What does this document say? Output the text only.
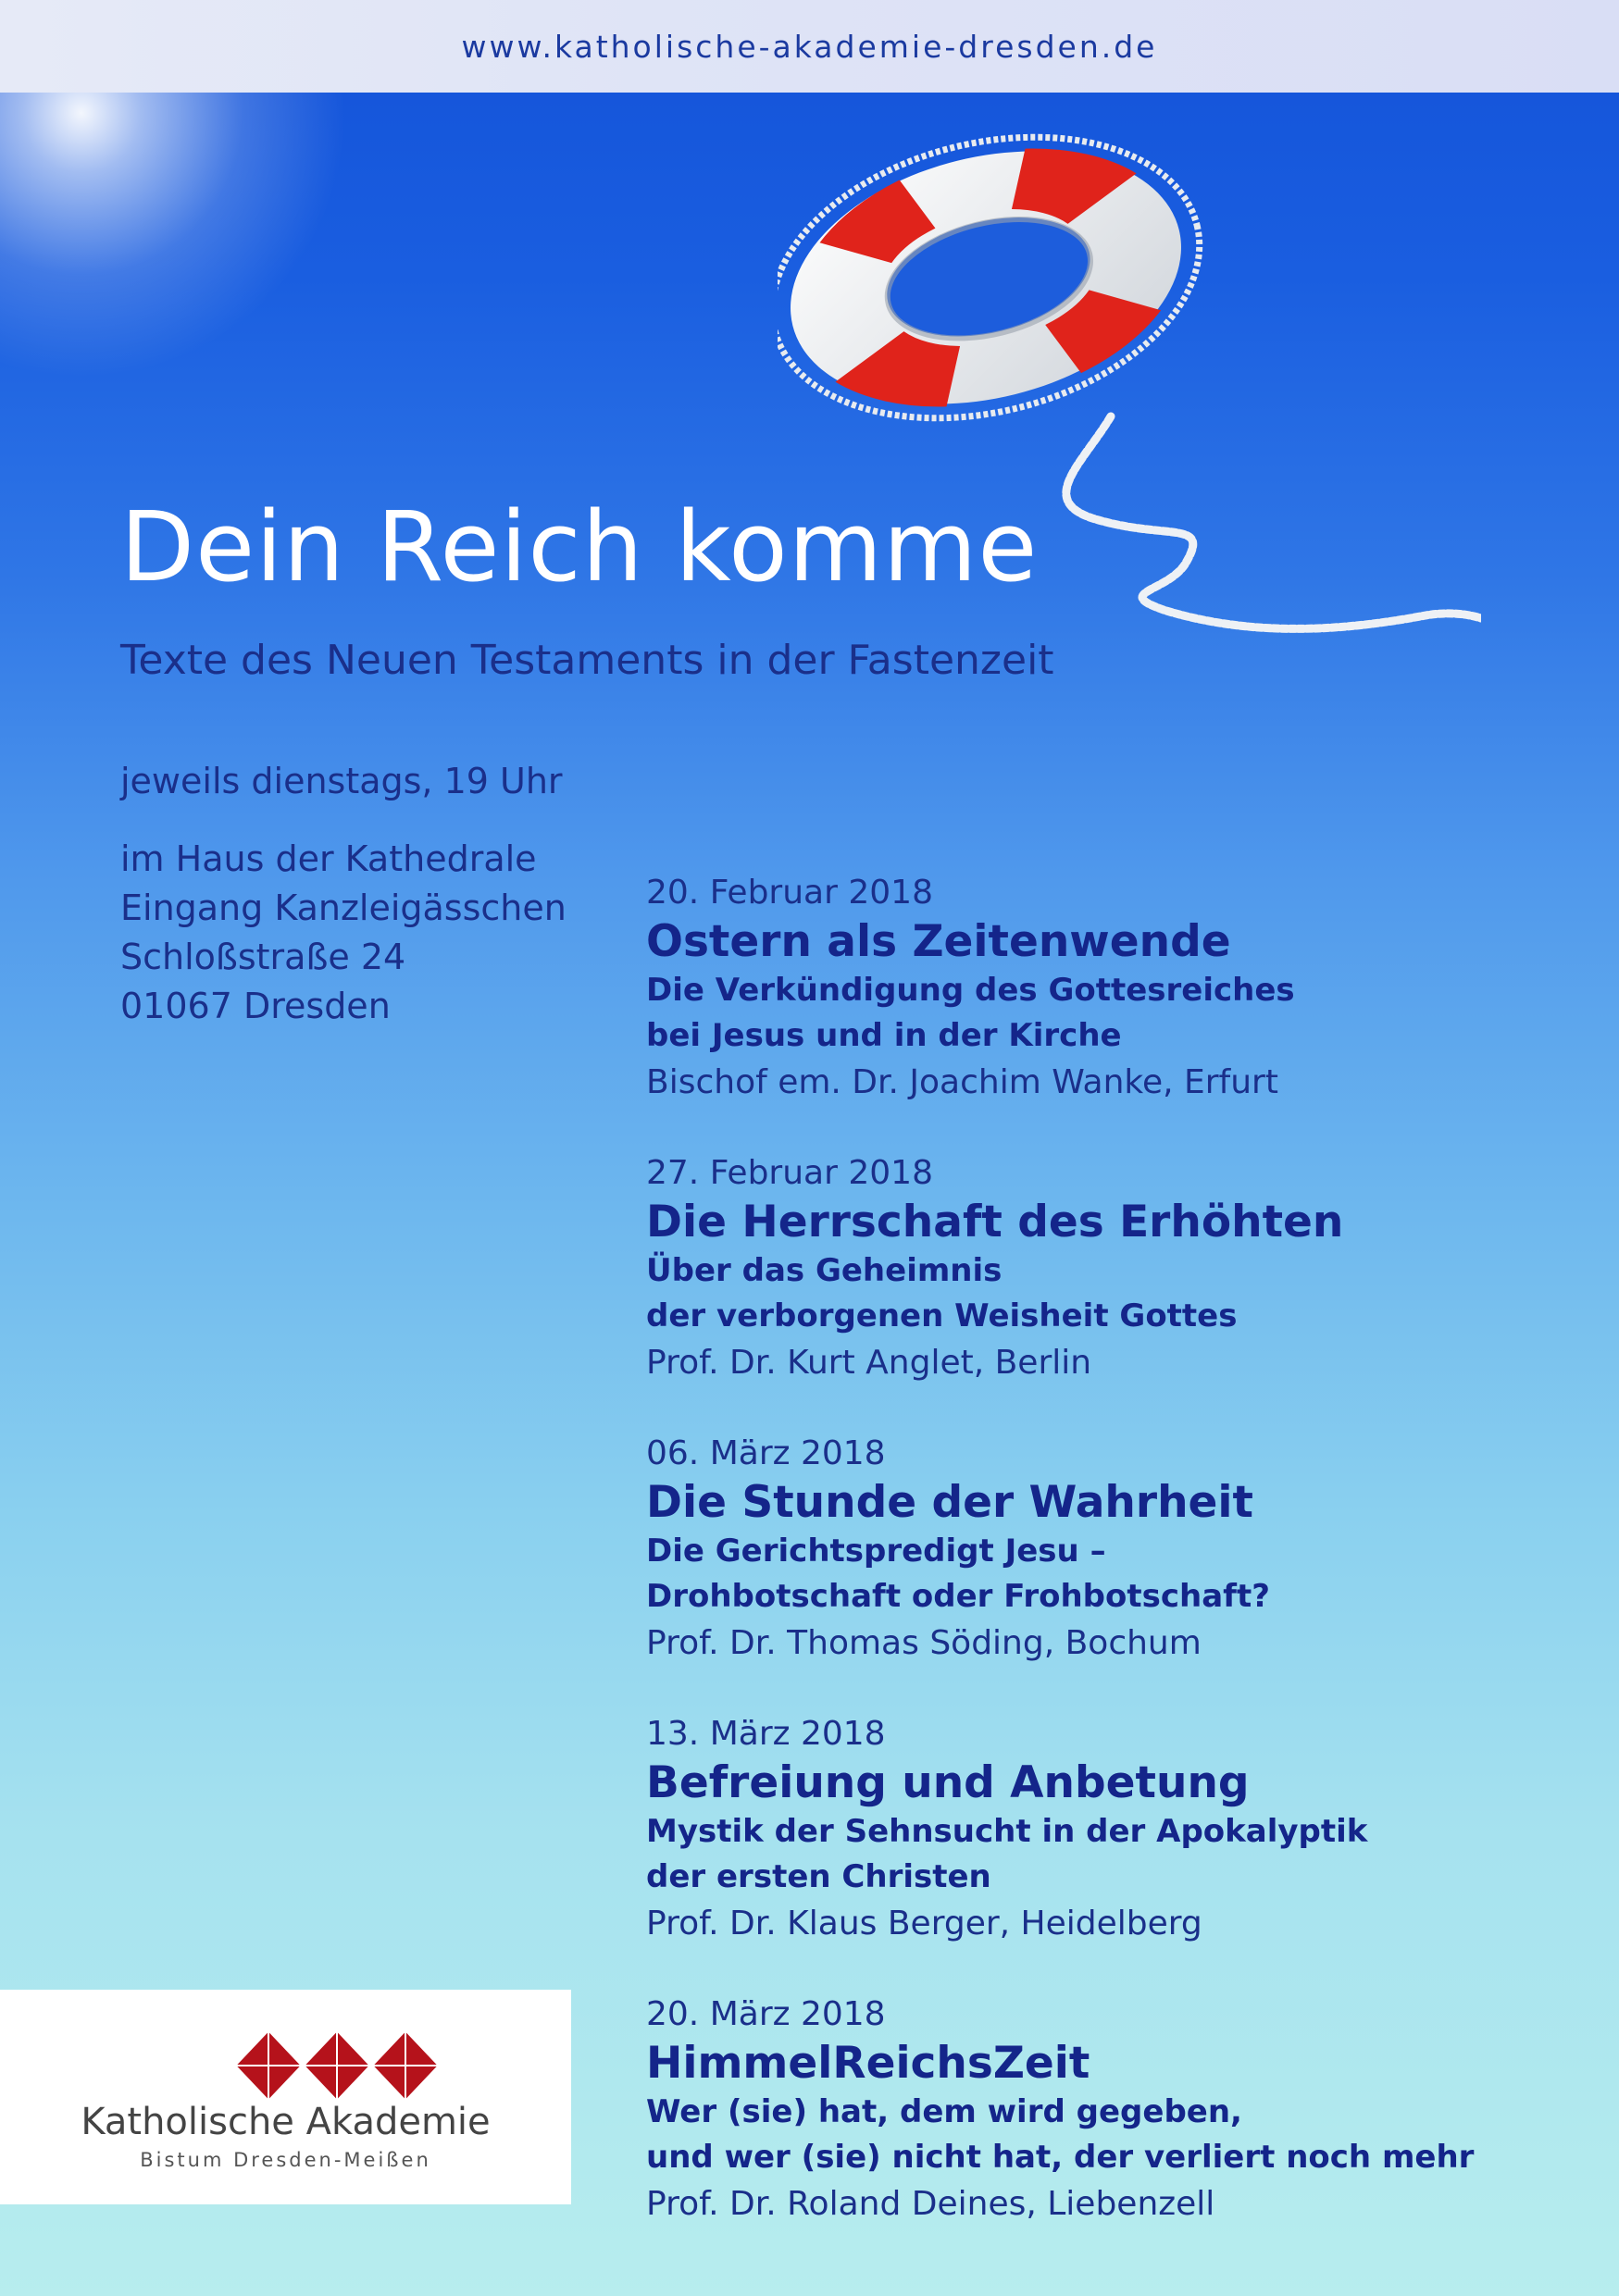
www.katholische-akademie-dresden.de
Dein Reich komme
Texte des Neuen Testaments in der Fastenzeit
jeweils dienstags, 19 Uhr
im Haus der Kathedrale
Eingang Kanzleigässchen
Schloßstraße 24
01067 Dresden
20. Februar 2018
Ostern als Zeitenwende
Die Verkündigung des Gottesreiches
bei Jesus und in der Kirche
Bischof em. Dr. Joachim Wanke, Erfurt
27. Februar 2018
Die Herrschaft des Erhöhten
Über das Geheimnis
der verborgenen Weisheit Gottes
Prof. Dr. Kurt Anglet, Berlin
06. März 2018
Die Stunde der Wahrheit
Die Gerichtspredigt Jesu –
Drohbotschaft oder Frohbotschaft?
Prof. Dr. Thomas Söding, Bochum
13. März 2018
Befreiung und Anbetung
Mystik der Sehnsucht in der Apokalyptik
der ersten Christen
Prof. Dr. Klaus Berger, Heidelberg
20. März 2018
HimmelReichsZeit
Wer (sie) hat, dem wird gegeben,
und wer (sie) nicht hat, der verliert noch mehr
Prof. Dr. Roland Deines, Liebenzell
Katholische Akademie
Bistum Dresden-Meißen
